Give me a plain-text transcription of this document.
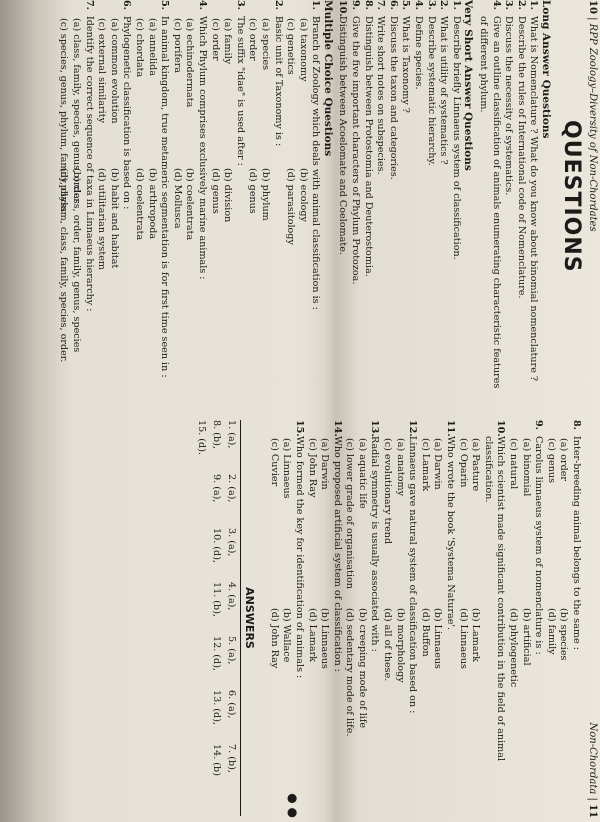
10 | RPP Zoology–Diversity of Non-Chordates
QUESTIONS
Long Answer Questions
1.
What is Nomenclature ? What do you know about binomial nomenclature ?
2.
Describe the rules of International code of Nomenclature.
3.
Discuss the necessity of systematics.
4.
Give an outline classification of animals enumerating characteristic features of different phylum.
Very Short Answer Questions
1.
Describe briefly Linnaeus system of classification.
2.
What is utility of systematics ?
3.
Describe systematic hierarchy.
4.
Define species.
5.
What is Taxonomy ?
6.
Discuss the taxon and categories.
7.
Write short notes on subspecies.
8.
Distinguish between Protostomia and Deuterostomia.
9.
Give the five important characters of Phylum Protozoa.
10.
Distinguish between Acoelomate and Coelomate.
Multiple Choice Questions
1.
Branch of Zoology which deals with animal classification is :
(a) taxonomy
(b) ecology
(c) genetics
(d) parasitology
2.
Basic unit of Taxonomy is :
(a) species
(b) phylum
(c) order
(d) genus
3.
The suffix "idae" is used after :
(a) family
(b) division
(c) order
(d) genus
4.
Which Phylum comprises exclusively marine animals :
(a) echinodermata
(b) coelentrata
(c) porifera
(d) Mollusca
5.
In animal kingdom, true metameric segmentation is for first time seen in :
(a) annelida
(b) arthropoda
(c) chordata
(d) coelentrata
6.
Phylogenetic classification is based on :
(a) common evolution
(b) habit and habitat
(c) external similarity
(d) utilitarian system
7.
Identify the correct sequence of taxa in Linnaeus hierarchy :
(a) class, family, species, genus, order
(b) class, order, family, genus, species
(c) species, genus, phylum, family, class
(d) phylum, class, family, species, order.
Non-Chordata | 11
8.
Inter-breeding animal belongs to the same :
(a) order
(b) species
(c) genus
(d) family
9.
Carolus linnaeus system of nomenclature is :
(a) binomial
(b) artificial
(c) natural
(d) phylogenetic
10.
Which scientist made significant contribution in the field of animal classification.
(a) Pasture
(b) Lamark
(c) Oparin
(d) Linnaeus
11.
Who wrote the book 'Systema Naturae'.
(a) Darwin
(b) Linnaeus
(c) Lamark
(d) Buffon
12.
Linnaeus gave natural system of classification based on :
(a) anatomy
(b) morphology
(c) evolutionary trend
(d) all of these.
13.
Radial symmetry is usually associated with :
(a) aquatic life
(b) creeping mode of life
(c) lower grade of organisation
(d) sedentary mode of life.
14.
Who proposed artificial system of classification :
(a) Darwin
(b) Linnaeus
(c) John Ray
(d) Lamark
15.
Who formed the key for identification of animals :
(a) Linnaeus
(b) Wallace
(c) Cuvier
(d) John Ray
ANSWERS
1. (a),
2. (a),
3. (a),
4. (a),
5. (a),
6. (a),
7. (b),
8. (b),
9. (a),
10. (d),
11. (b),
12. (d),
13. (d),
14. (b)
15. (d).
● ●
